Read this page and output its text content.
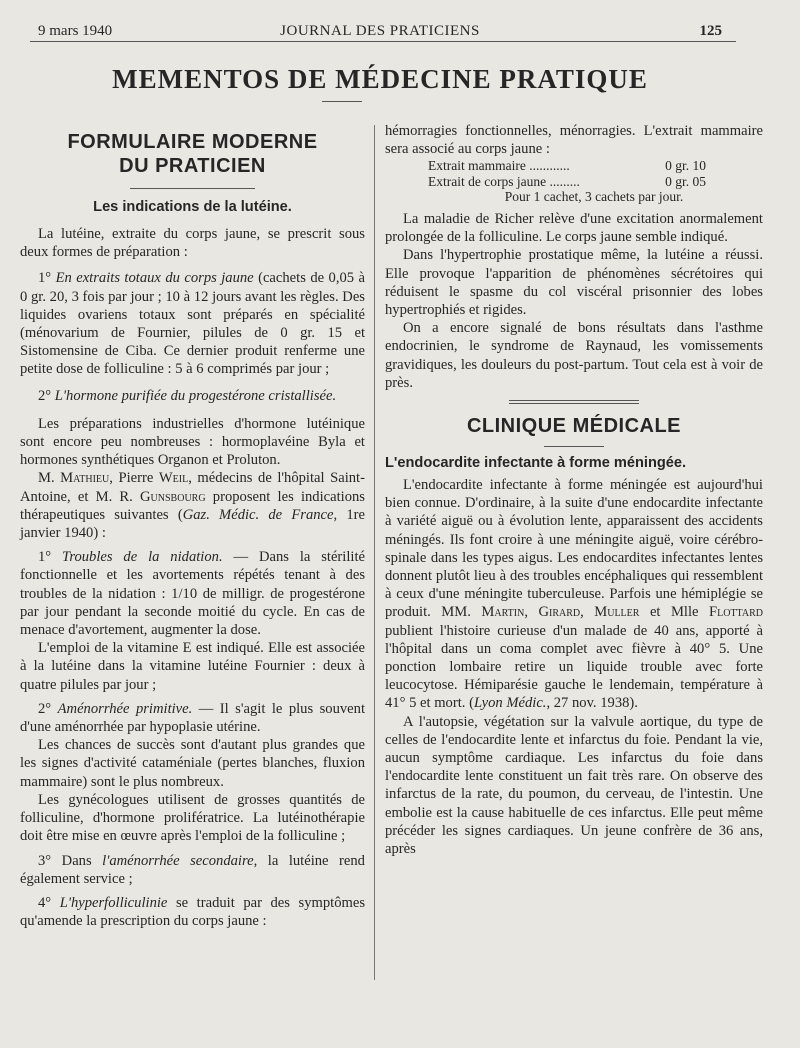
9 mars 1940	JOURNAL DES PRATICIENS	125
MEMENTOS DE MÉDECINE PRATIQUE
FORMULAIRE MODERNE
DU PRATICIEN
Les indications de la lutéine.

La lutéine, extraite du corps jaune, se prescrit sous deux formes de préparation :

1° En extraits totaux du corps jaune (cachets de 0,05 à 0 gr. 20, 3 fois par jour ; 10 à 12 jours avant les règles. Des liquides ovariens totaux sont préparés en spécialité (ménovarium de Fournier, pilules de 0 gr. 15 et Sistomensine de Ciba. Ce dernier produit renferme une petite dose de folliculine : 5 à 6 comprimés par jour ;

2° L'hormone purifiée du progestérone cristallisée.

Les préparations industrielles d'hormone lutéinique sont encore peu nombreuses : hormoplavéine Byla et hormones synthétiques Organon et Proluton.

M. Mathieu, Pierre Weil, médecins de l'hôpital Saint-Antoine, et M. R. Gunsbourg proposent les indications thérapeutiques suivantes (Gaz. Médic. de France, 1re janvier 1940) :

1° Troubles de la nidation. — Dans la stérilité fonctionnelle et les avortements répétés tenant à des troubles de la nidation : 1/10 de milligr. de progestérone par jour pendant la seconde moitié du cycle. En cas de menace d'avortement, augmenter la dose.

L'emploi de la vitamine E est indiqué. Elle est associée à la lutéine dans la vitamine lutéine Fournier : deux à quatre pilules par jour ;

2° Aménorrhée primitive. — Il s'agit le plus souvent d'une aménorrhée par hypoplasie utérine.

Les chances de succès sont d'autant plus grandes que les signes d'activité cataméniale (pertes blanches, fluxion mammaire) sont le plus nombreux.

Les gynécologues utilisent de grosses quantités de folliculine, d'hormone prolifératrice. La lutéinothérapie doit être mise en œuvre après l'emploi de la folliculine ;

3° Dans l'aménorrhée secondaire, la lutéine rend également service ;

4° L'hyperfolliculinie se traduit par des symptômes qu'amende la prescription du corps jaune :

hémorragies fonctionnelles, ménorragies. L'extrait mammaire sera associé au corps jaune :

Extrait mammaire ............	0 gr. 10
Extrait de corps jaune .........	0 gr. 05
Pour 1 cachet, 3 cachets par jour.

La maladie de Richer relève d'une excitation anormalement prolongée de la folliculine. Le corps jaune semble indiqué.

Dans l'hypertrophie prostatique même, la lutéine a réussi. Elle provoque l'apparition de phénomènes sécrétoires qui réduisent le spasme du col viscéral prisonnier des lobes hypertrophiés et rigides.

On a encore signalé de bons résultats dans l'asthme endocrinien, le syndrome de Raynaud, les vomissements gravidiques, les douleurs du post-partum. Tout cela est à voir de près.

CLINIQUE MÉDICALE
L'endocardite infectante à forme méningée.

L'endocardite infectante à forme méningée est aujourd'hui bien connue. D'ordinaire, à la suite d'une endocardite infectante à variété aiguë ou à évolution lente, apparaissent des accidents méningés. Ils font croire à une méningite aiguë, voire cérébro-spinale dans les types aigus. Les endocardites infectantes lentes donnent plutôt lieu à des troubles encéphaliques qui ressemblent à ceux d'une méningite tuberculeuse. Parfois une hémiplégie se produit. MM. Martin, Girard, Muller et Mlle Flottard publient l'histoire curieuse d'un malade de 40 ans, apporté à l'hôpital dans un coma complet avec fièvre à 40° 5. Une ponction lombaire retire un liquide trouble avec forte leucocytose. Hémiparésie gauche le lendemain, température à 41° 5 et mort. (Lyon Médic., 27 nov. 1938).

A l'autopsie, végétation sur la valvule aortique, du type de celles de l'endocardite lente et infarctus du foie. Pendant la vie, aucun symptôme cardiaque. Les infarctus du foie dans l'endocardite lente constituent un fait très rare. On observe des infarctus de la rate, du poumon, du cerveau, de l'intestin. Une embolie est la cause habituelle de ces infarctus. Elle peut même précéder les signes cardiaques. Un jeune confrère de 36 ans, après
